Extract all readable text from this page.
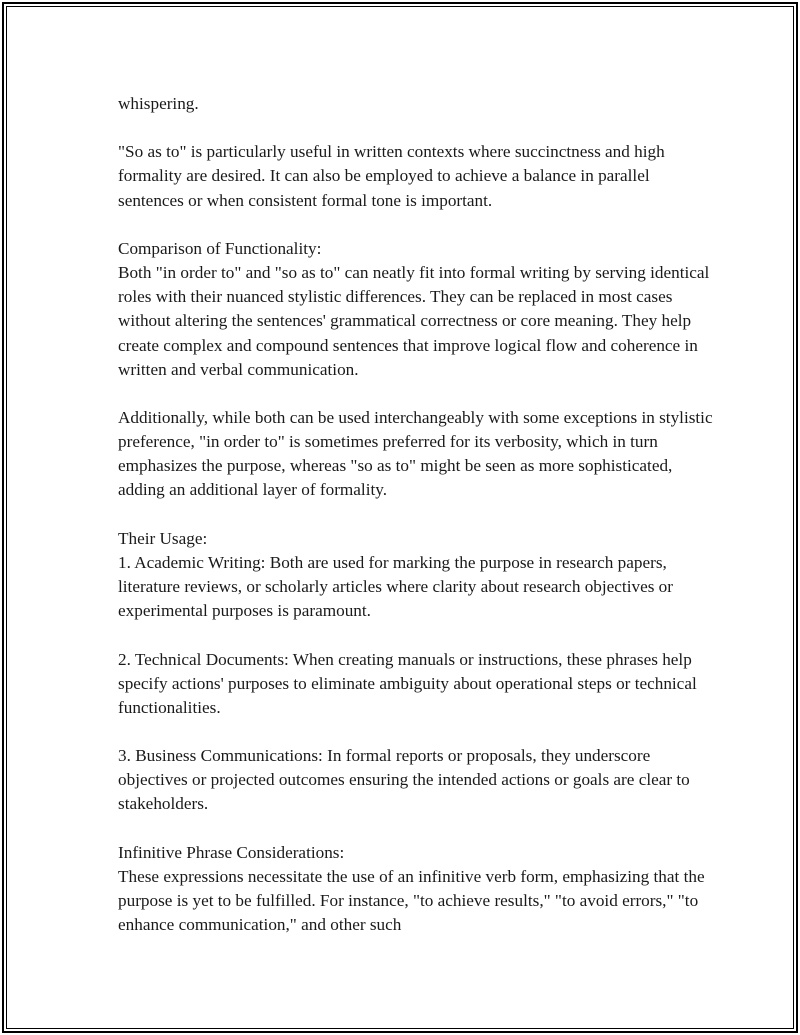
whispering.

"So as to" is particularly useful in written contexts where succinctness and high formality are desired. It can also be employed to achieve a balance in parallel sentences or when consistent formal tone is important.

Comparison of Functionality:

Both "in order to" and "so as to" can neatly fit into formal writing by serving identical roles with their nuanced stylistic differences. They can be replaced in most cases without altering the sentences' grammatical correctness or core meaning. They help create complex and compound sentences that improve logical flow and coherence in written and verbal communication.

Additionally, while both can be used interchangeably with some exceptions in stylistic preference, "in order to" is sometimes preferred for its verbosity, which in turn emphasizes the purpose, whereas "so as to" might be seen as more sophisticated, adding an additional layer of formality.

Their Usage:

1. Academic Writing: Both are used for marking the purpose in research papers, literature reviews, or scholarly articles where clarity about research objectives or experimental purposes is paramount.

2. Technical Documents: When creating manuals or instructions, these phrases help specify actions' purposes to eliminate ambiguity about operational steps or technical functionalities.

3. Business Communications: In formal reports or proposals, they underscore objectives or projected outcomes ensuring the intended actions or goals are clear to stakeholders.

Infinitive Phrase Considerations:

These expressions necessitate the use of an infinitive verb form, emphasizing that the purpose is yet to be fulfilled. For instance, "to achieve results," "to avoid errors," "to enhance communication," and other such
